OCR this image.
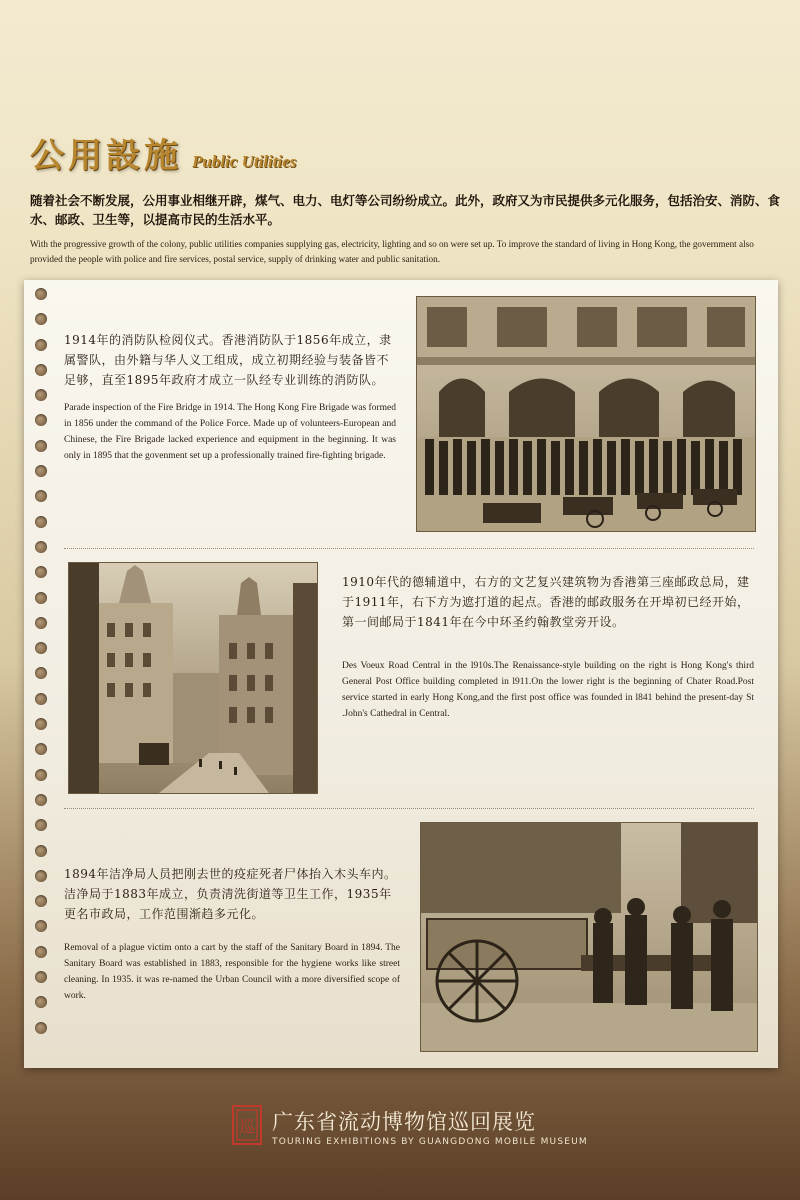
公用設施 Public Utilities
随着社会不断发展，公用事业相继开辟，煤气、电力、电灯等公司纷纷成立。此外，政府又为市民提供多元化服务，包括治安、消防、食水、邮政、卫生等，以提高市民的生活水平。
With the progressive growth of the colony, public utilities companies supplying gas, electricity, lighting and so on were set up. To improve the standard of living in Hong Kong, the government also provided the people with police and fire services, postal service, supply of drinking water and public sanitation.
1914年的消防队检阅仪式。香港消防队于1856年成立，隶属警队，由外籍与华人义工组成，成立初期经验与装备皆不足够，直至1895年政府才成立一队经专业训练的消防队。
Parade inspection of the Fire Bridge in 1914. The Hong Kong Fire Brigade was formed in 1856 under the command of the Police Force. Made up of volunteers-European and Chinese, the Fire Brigade lacked experience and equipment in the beginning. It was only in 1895 that the govenment set up a professionally trained fire-fighting brigade.
1910年代的德辅道中，右方的文艺复兴建筑物为香港第三座邮政总局，建于1911年，右下方为遮打道的起点。香港的邮政服务在开埠初已经开始，第一间邮局于1841年在今中环圣约翰教堂旁开设。
Des Voeux Road Central in the l910s.The Renaissance-style building on the right is Hong Kong's third General Post Office building completed in l911.On the lower right is the beginning of Chater Road.Post service started in early Hong Kong,and the first post office was founded in l841 behind the present-day St .John's Cathedral in Central.
1894年洁净局人员把刚去世的疫症死者尸体抬入木头车内。洁净局于1883年成立，负责清洗街道等卫生工作，1935年更名市政局，工作范围渐趋多元化。
Removal of a plague victim onto a cart by the staff of the Sanitary Board in 1894. The Sanitary Board was established in 1883, responsible for the hygiene works like street cleaning. In 1935. it was re-named the Urban Council with a more diversified scope of work.
巡 广东省流动博物馆巡回展览
TOURING EXHIBITIONS BY GUANGDONG MOBILE MUSEUM
